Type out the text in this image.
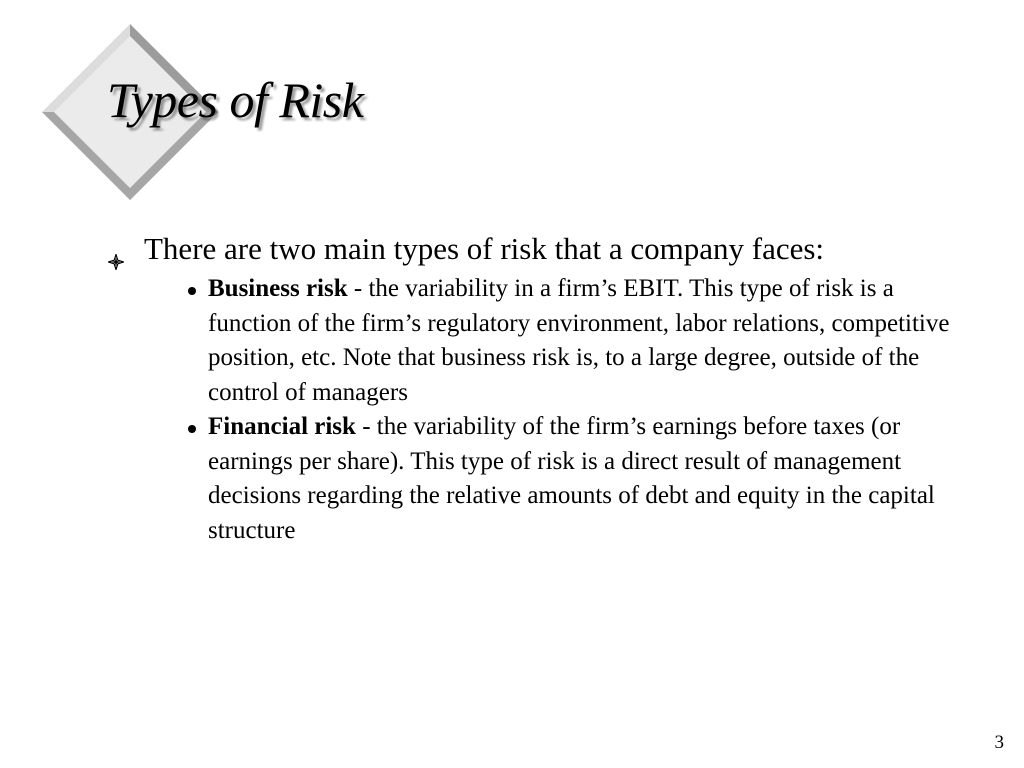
Types of Risk
There are two main types of risk that a company faces:
Business risk - the variability in a firm’s EBIT. This type of risk is a function of the firm’s regulatory environment, labor relations, competitive position, etc. Note that business risk is, to a large degree, outside of the control of managers
Financial risk - the variability of the firm’s earnings before taxes (or earnings per share). This type of risk is a direct result of management decisions regarding the relative amounts of debt and equity in the capital structure
3
